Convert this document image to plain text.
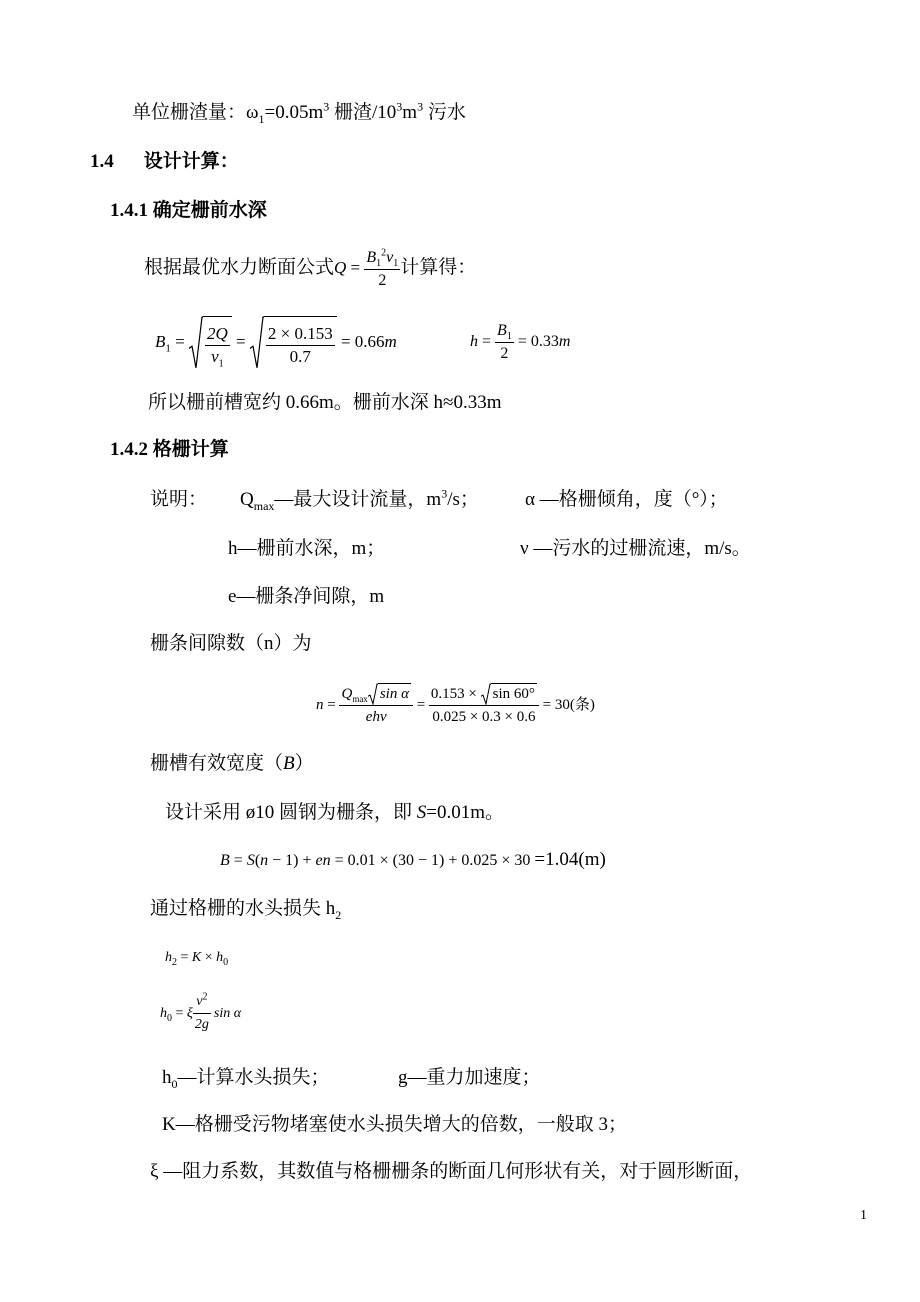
单位栅渣量：$\omega_1=0.05m^3$ 栅渣$/10^3m^3$ 污水
1.4 设计计算：
1.4.1 确定栅前水深
根据最优水力断面公式$Q = \frac{B_1^2\nu_1}{2}$ 计算得：
$B_1 = \frac{2Q}{\nu_1} = \frac{2 \times 0.153}{0.7} = 0.66m$	$h = \frac{B_1}{2} = 0.33m$
所以栅前槽宽约 0.66m。栅前水深 h≈0.33m
1.4.2 格栅计算
说明： $Q_{max}—$最大设计流量，$m^3/s$； α —格栅倾角，度（°）；
h—栅前水深，m；	ν —污水的过栅流速，m/s。
e—栅条净间隙，m
栅条间隙数（n）为
$n = \frac{Q_{max} \sin \alpha}{\text{ehv}} = 0.153$ ×
sin 60°
0.025 × 0.3 × 0.6 = 30(条)
栅槽有效宽度（B）
设计采用 ø10 圆钢为栅条，即 S=0.01m。
B = S(n − 1) + en = 0.01 × (30 − 1) + 0.025 × 30 =1.04(m)
通过格栅的水头损失 $h_2$
$h_2 = K \times h_0$
$h_0 = \xi \frac{\nu^2}{2g}$ sin α
$h_0—$计算水头损失；	g—重力加速度；
K—格栅受污物堵塞使水头损失增大的倍数，一般取 3；
ξ —阻力系数，其数值与格栅栅条的断面几何形状有关，对于圆形断面，
1
